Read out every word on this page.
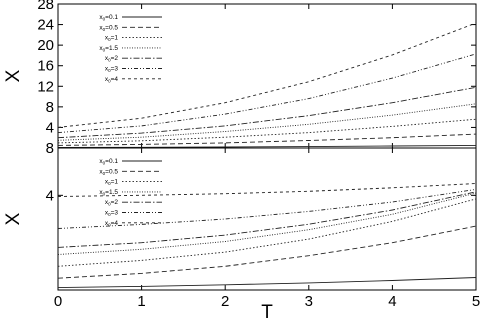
8
4
8
12
16
20
24
28
X
$x_0=0.1$
$x_0=0.5$
$x_0=1$
$x_0=1.5$
$x_0=2$
$x_0=3$
$x_0=4$
0	1	2	3	4	5
4
X
T
$x_0=0.1$
$x_0=0.5$
$x_0=1$
$x_0=1.5$
$x_0=2$
$x_0=3$
$x_0=4$
